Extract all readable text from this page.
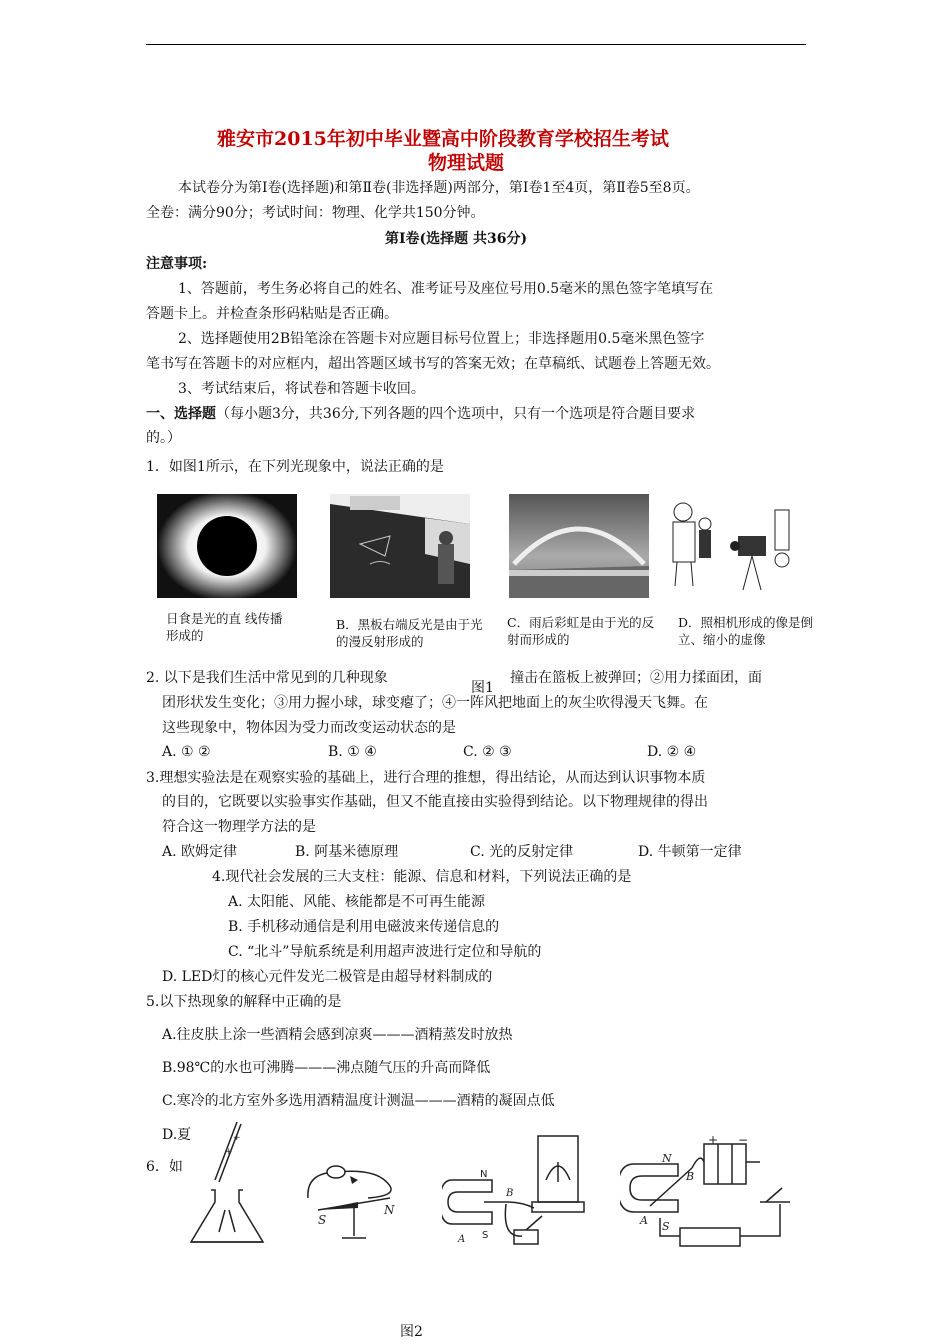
雅安市2015年初中毕业暨高中阶段教育学校招生考试
物理试题
本试卷分为第Ⅰ卷(选择题)和第Ⅱ卷(非选择题)两部分，第Ⅰ卷1至4页，第Ⅱ卷5至8页。
全卷：满分90分；考试时间：物理、化学共150分钟。
第Ⅰ卷(选择题 共36分)
注意事项:
1、答题前，考生务必将自己的姓名、准考证号及座位号用0.5毫米的黑色签字笔填写在
答题卡上。并检查条形码粘贴是否正确。
2、选择题使用2B铅笔涂在答题卡对应题目标号位置上；非选择题用0.5毫米黑色签字
笔书写在答题卡的对应框内，超出答题区域书写的答案无效；在草稿纸、试题卷上答题无效。
3、考试结束后，将试卷和答题卡收回。
一、选择题（每小题3分，共36分,下列各题的四个选项中，只有一个选项是符合题目要求
的。）
1．如图1所示，在下列光现象中，说法正确的是
日食是光的直 线传播形成的
B．黑板右端反光是由于光的漫反射形成的
C．雨后彩虹是由于光的反射而形成的
D．照相机形成的像是倒立、缩小的虚像
2. 以下是我们生活中常见到的几种现象
图1
撞击在篮板上被弹回；②用力揉面团，面
团形状发生变化；③用力握小球，球变瘪了；④一阵风把地面上的灰尘吹得漫天飞舞。在
这些现象中，物体因为受力而改变运动状态的是
A. ① ②	B. ① ④	C. ② ③	D. ② ④
3.理想实验法是在观察实验的基础上，进行合理的推想，得出结论，从而达到认识事物本质
的目的，它既要以实验事实作基础，但又不能直接由实验得到结论。以下物理规律的得出
符合这一物理学方法的是
A. 欧姆定律	B. 阿基米德原理	C. 光的反射定律	D. 牛顿第一定律
4.现代社会发展的三大支柱：能源、信息和材料，下列说法正确的是
A. 太阳能、风能、核能都是不可再生能源
B. 手机移动通信是利用电磁波来传递信息的
C. “北斗”导航系统是利用超声波进行定位和导航的
D. LED灯的核心元件发光二极管是由超导材料制成的
5.以下热现象的解释中正确的是
A.往皮肤上涂一些酒精会感到凉爽———酒精蒸发时放热
B.98℃的水也可沸腾———沸点随气压的升高而降低
C.寒冷的北方室外多选用酒精温度计测温———酒精的凝固点低
D.夏
6．如
+
+
S
N
N
B
A S
+ −
N
B
A S
图2
